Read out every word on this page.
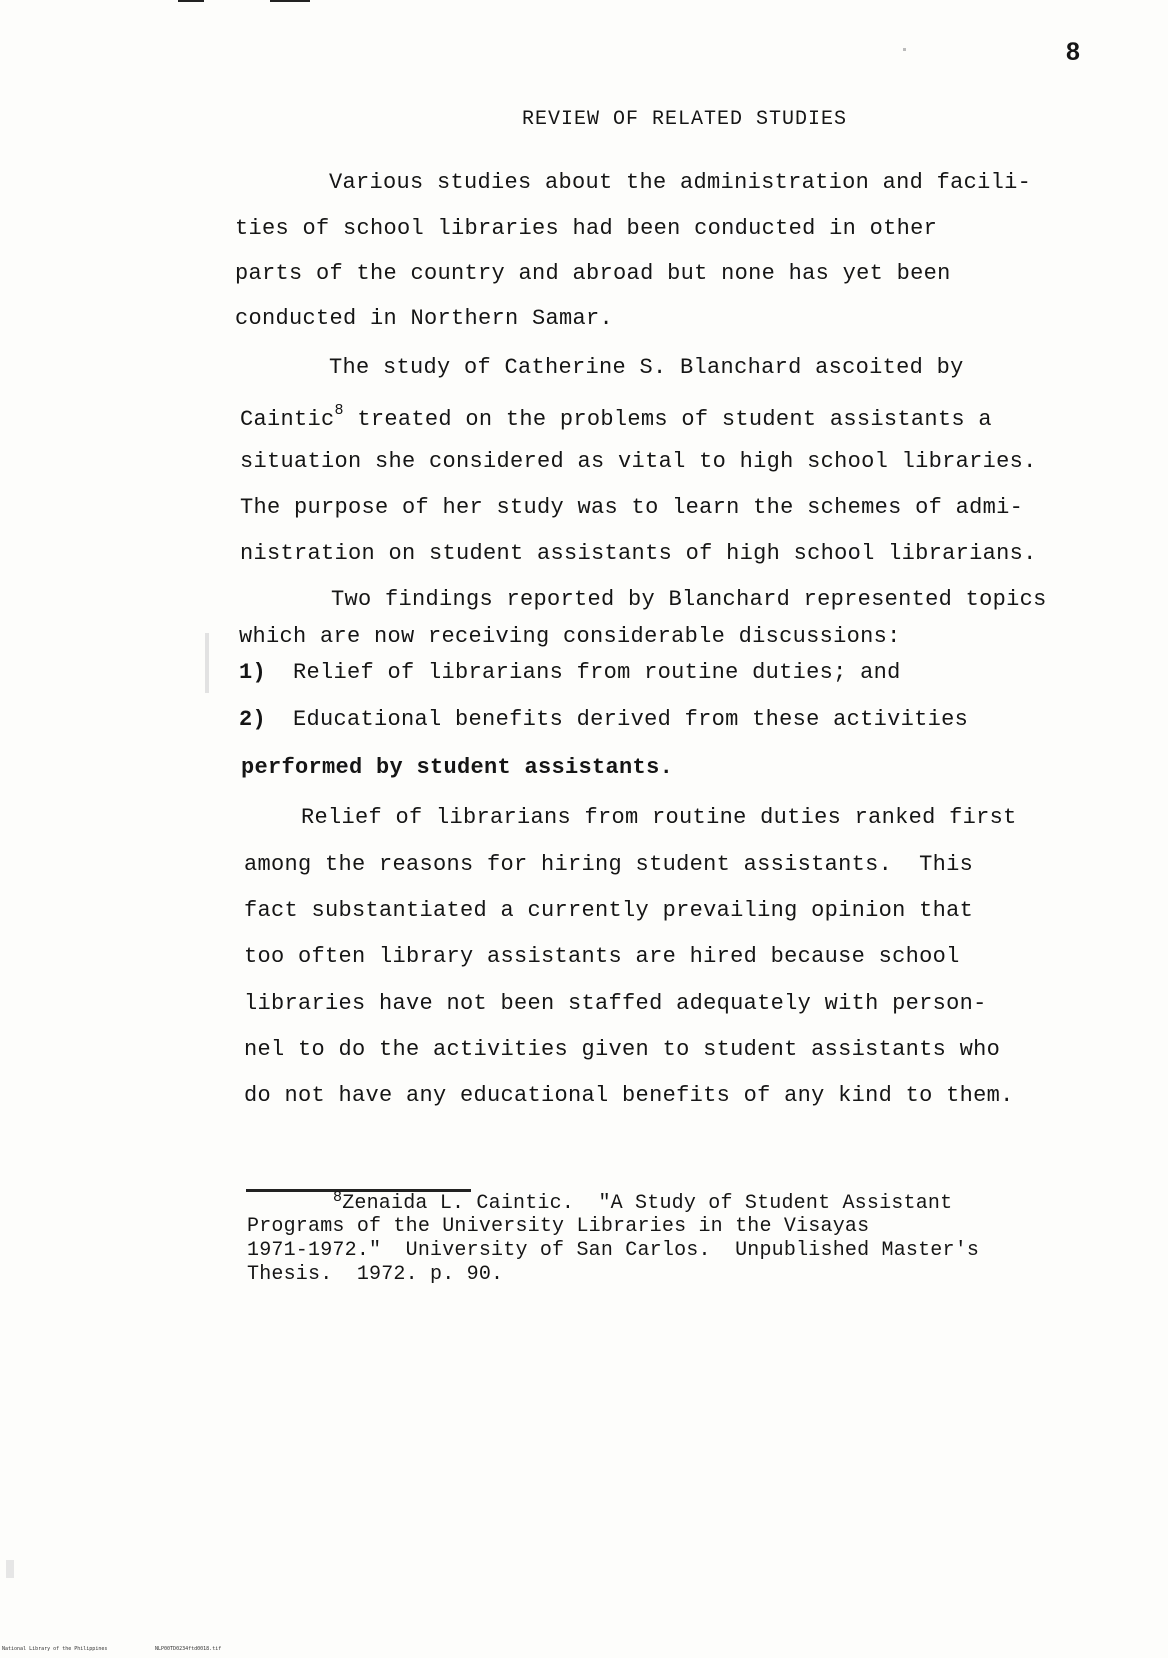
8
REVIEW OF RELATED STUDIES
Various studies about the administration and facili-
ties of school libraries had been conducted in other
parts of the country and abroad but none has yet been
conducted in Northern Samar.
The study of Catherine S. Blanchard ascoited by
Caintic$^8$ treated on the problems of student assistants a
situation she considered as vital to high school libraries.
The purpose of her study was to learn the schemes of admi-
nistration on student assistants of high school librarians.
Two findings reported by Blanchard represented topics
which are now receiving considerable discussions:
1) Relief of librarians from routine duties; and
2) Educational benefits derived from these activities
performed by student assistants.
Relief of librarians from routine duties ranked first
among the reasons for hiring student assistants.  This
fact substantiated a currently prevailing opinion that
too often library assistants are hired because school
libraries have not been staffed adequately with person-
nel to do the activities given to student assistants who
do not have any educational benefits of any kind to them.
$^8$Zenaida L. Caintic.  "A Study of Student Assistant
Programs of the University Libraries in the Visayas
1971-1972."  University of San Carlos.  Unpublished Master's
Thesis.  1972. p. 90.
National Library of the Philippines	NLP00TD0234ftd0018.tif
